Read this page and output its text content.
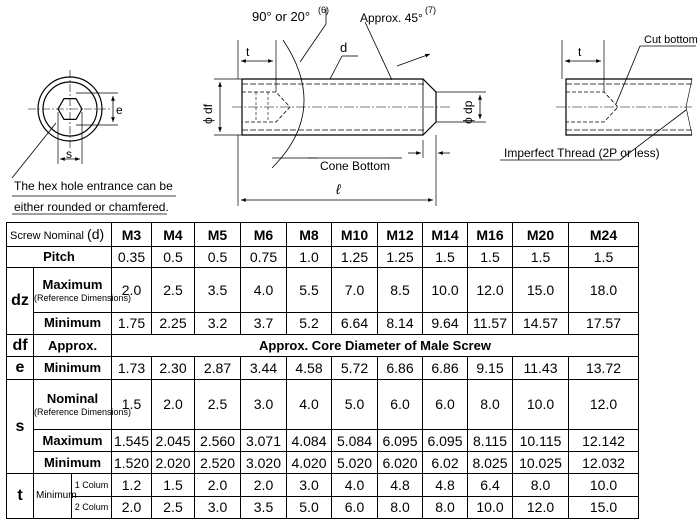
e
s
The hex hole entrance can be
either rounded or chamfered.
90° or 20° (6)
Approx. 45°
(7)
d
t
ϕ df	ϕ dp
ℓ
Cone Bottom
t
Cut bottom
Imperfect Thread (2P or less)
Screw Nominal (d)			M3	M4	M5	M6	M8	M10	M12	M14	M16	M20	M24
Pitch			0.35	0.5	0.5	0.75	1.0	1.25	1.25	1.5	1.5	1.5	1.5
dz	Maximum
(Reference Dimensions)		2.0	2.5	3.5	4.0	5.5	7.0	8.5	10.0	12.0	15.0	18.0
	Minimum		1.75	2.25	3.2	3.7	5.2	6.64	8.14	9.64	11.57	14.57	17.57
df	Approx.		Approx. Core Diameter of Male Screw										
e	Minimum		1.73	2.30	2.87	3.44	4.58	5.72	6.86	6.86	9.15	11.43	13.72
s	Nominal
(Reference Dimensions)		1.5	2.0	2.5	3.0	4.0	5.0	6.0	6.0	8.0	10.0	12.0
	Maximum		1.545	2.045	2.560	3.071	4.084	5.084	6.095	6.095	8.115	10.115	12.142
	Minimum		1.520	2.020	2.520	3.020	4.020	5.020	6.020	6.02	8.025	10.025	12.032
t	Minimum	1 Colum	1.2	1.5	2.0	2.0	3.0	4.0	4.8	4.8	6.4	8.0	10.0
		2 Colum	2.0	2.5	3.0	3.5	5.0	6.0	8.0	8.0	10.0	12.0	15.0
